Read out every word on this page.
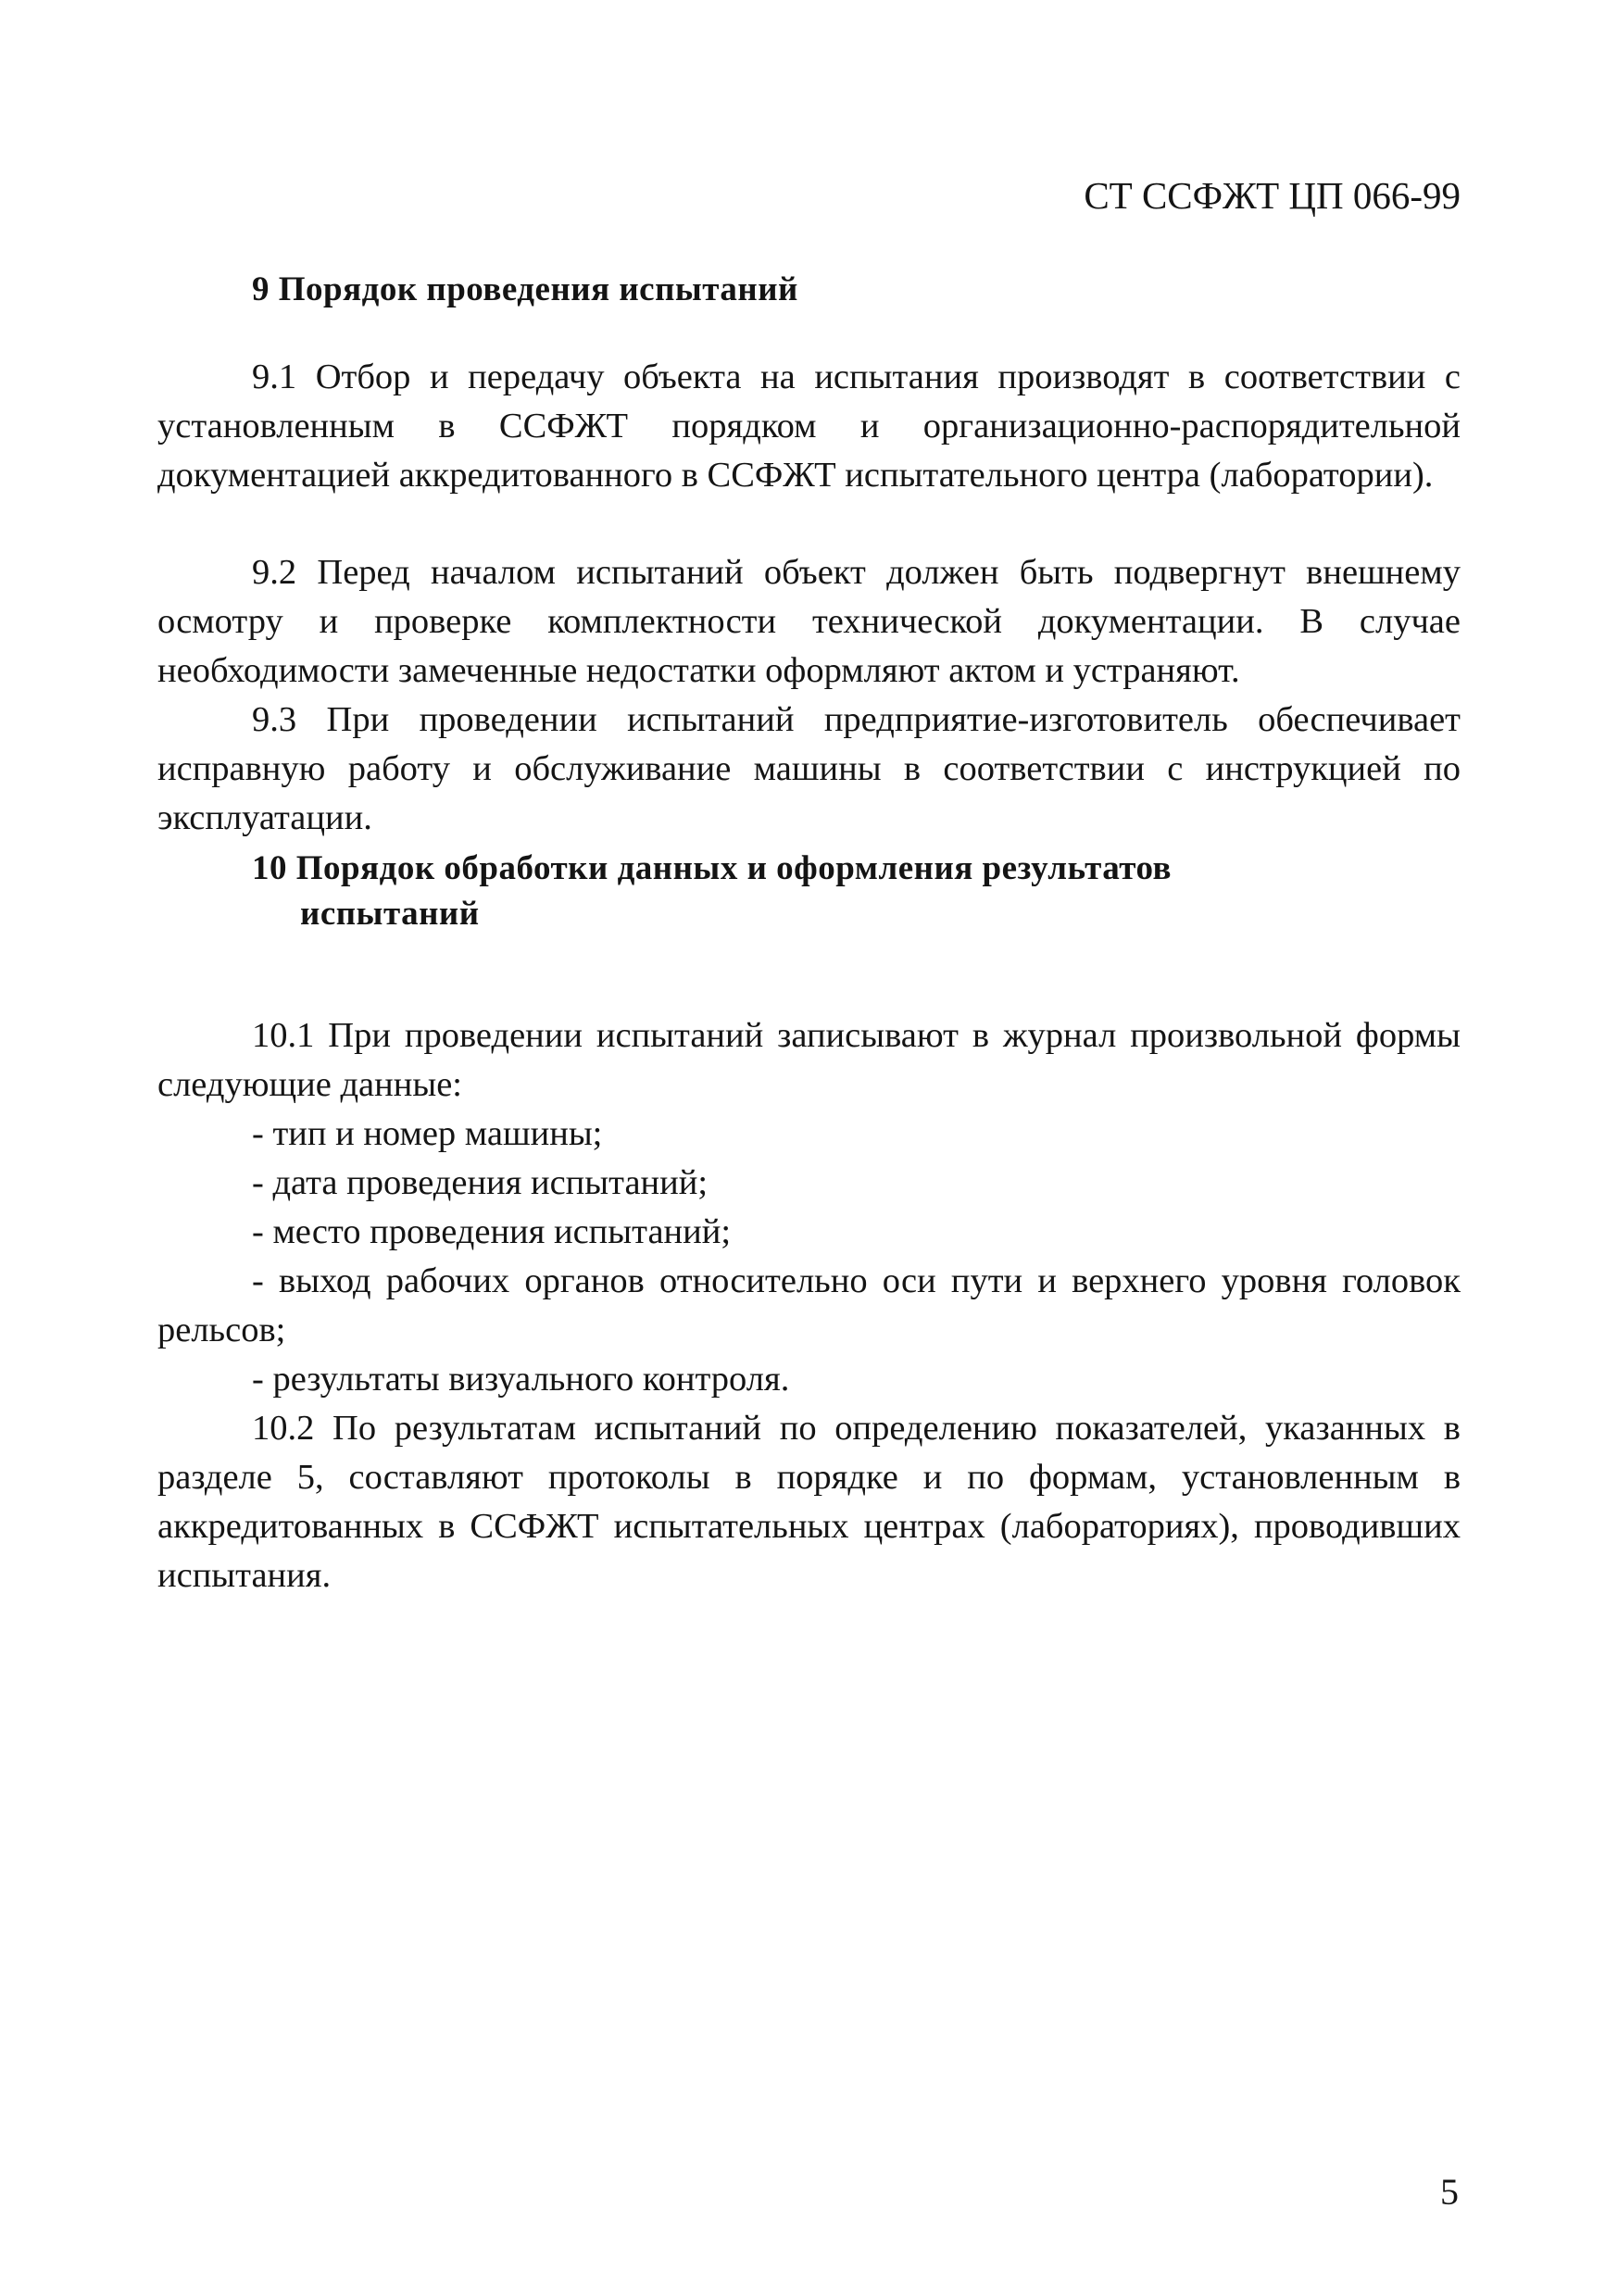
СТ ССФЖТ ЦП 066-99
9 Порядок проведения испытаний

9.1 Отбор и передачу объекта на испытания производят в соответствии с установленным в ССФЖТ порядком и организационно-распорядительной документацией аккредитованного в ССФЖТ испытательного центра (лаборатории).

9.2 Перед началом испытаний объект должен быть подвергнут внешнему осмотру и проверке комплектности технической документации. В случае необходимости замеченные недостатки оформляют актом и устраняют.

9.3 При проведении испытаний предприятие-изготовитель обеспечивает исправную работу и обслуживание машины в соответствии с инструкцией по эксплуатации.

10 Порядок обработки данных и оформления результатов
испытаний

10.1 При проведении испытаний записывают в журнал произвольной формы следующие данные:

- тип и номер машины;

- дата проведения испытаний;

- место проведения испытаний;

- выход рабочих органов относительно оси пути и верхнего уровня головок рельсов;

- результаты визуального контроля.

10.2 По результатам испытаний по определению показателей, указанных в разделе 5, составляют протоколы в порядке и по формам, установленным в аккредитованных в ССФЖТ испытательных центрах (лабораториях), проводивших испытания.

5
